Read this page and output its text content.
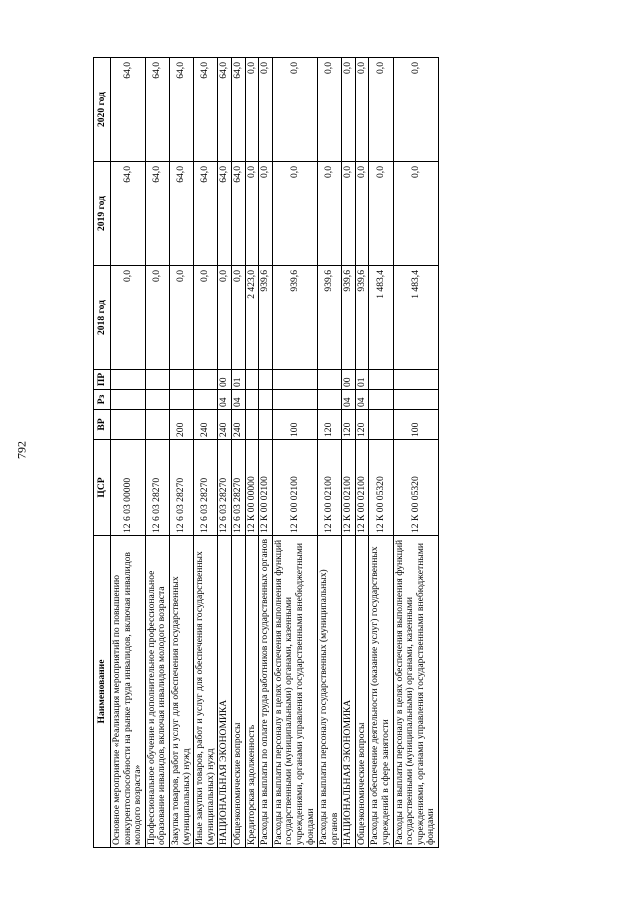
792
Наименование	ЦСР	ВР	Рз	ПР	2018 год	2019 год	2020 год
Основное мероприятие «Реализация мероприятий по повышению конкурентоспособности на рынке труда инвалидов, включая инвалидов молодого возраста»	12 6 03 00000				0,0	64,0	64,0
Профессиональное обучение и дополнительное профессиональное образование инвалидов, включая инвалидов молодого возраста	12 6 03 28270				0,0	64,0	64,0
Закупка товаров, работ и услуг для обеспечения государственных (муниципальных) нужд	12 6 03 28270	200			0,0	64,0	64,0
Иные закупки товаров, работ и услуг для обеспечения государственных (муниципальных) нужд	12 6 03 28270	240			0,0	64,0	64,0
НАЦИОНАЛЬНАЯ ЭКОНОМИКА	12 6 03 28270	240	04	00	0,0	64,0	64,0
Общеэкономические вопросы	12 6 03 28270	240	04	01	0,0	64,0	64,0
Кредиторская задолженность	12 К 00 00000				2 423,0	0,0	0,0
Расходы на выплаты по оплате труда работников государственных органов	12 К 00 02100				939,6	0,0	0,0
Расходы на выплаты персоналу в целях обеспечения выполнения функций государственными (муниципальными) органами, казенными учреждениями, органами управления государственными внебюджетными фондами	12 К 00 02100	100			939,6	0,0	0,0
Расходы на выплаты персоналу государственных (муниципальных) органов	12 К 00 02100	120			939,6	0,0	0,0
НАЦИОНАЛЬНАЯ ЭКОНОМИКА	12 К 00 02100	120	04	00	939,6	0,0	0,0
Общеэкономические вопросы	12 К 00 02100	120	04	01	939,6	0,0	0,0
Расходы на обеспечение деятельности (оказание услуг) государственных учреждений в сфере занятости	12 К 00 05320				1 483,4	0,0	0,0
Расходы на выплаты персоналу в целях обеспечения выполнения функций государственными (муниципальными) органами, казенными учреждениями, органами управления государственными внебюджетными фондами	12 К 00 05320	100			1 483,4	0,0	0,0
